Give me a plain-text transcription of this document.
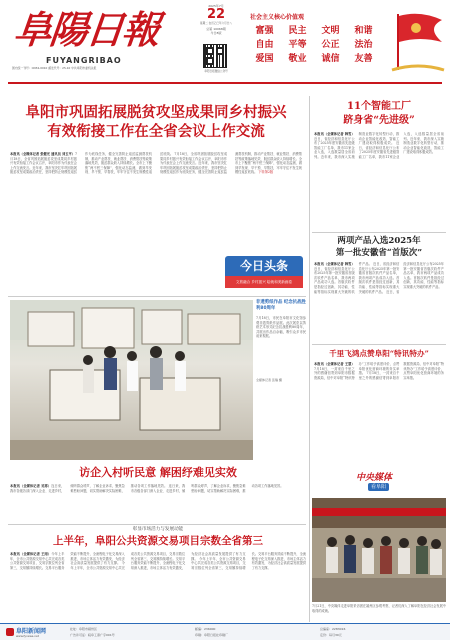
阜陽日報
FUYANGRIBAO
国内统一刊号：CN34-0010 邮发代号：25-10 中共阜阳市委机关报
2025年7月
22
星期二 农历乙巳年六月廿八
总第 10068期
今日8版
阜阳日报微信公众号
社会主义核心价值观
富强	民主	文明	和谐
自由	平等	公正	法治
爱国	敬业	诚信	友善
阜阳市巩固拓展脱贫攻坚成果同乡村振兴
有效衔接工作在全省会议上作交流
本报讯（全媒体记者 张健光 通讯员 刘玉平）7月18日，全省巩固拓展脱贫攻坚成果同乡村振兴有效衔接工作会议召开，阜阳市作为代表在会上作交流发言。近年来，我市坚决扛牢巩固拓展脱贫攻坚成果政治责任，坚持把防止规模性返贫作为底线任务，健全完善防止返贫监测帮扶机制，推动产业帮扶、就业帮扶、消费帮扶等政策落地见效，脱贫群众收入持续增长。全市上下聚焦“两不愁三保障”，强化动态监测，做到早发现、早干预、早帮扶，牢牢守住不发生规模性返贫底线。 7月18日，全省巩固拓展脱贫攻坚成果同乡村振兴有效衔接工作会议召开，阜阳市作为代表在会上作交流发言。近年来，我市坚决扛牢巩固拓展脱贫攻坚成果政治责任，坚持把防止规模性返贫作为底线任务，健全完善防止返贫监测帮扶机制，推动产业帮扶、就业帮扶、消费帮扶等政策落地见效，脱贫群众收入持续增长。全市上下聚焦“两不愁三保障”，强化动态监测，做到早发现、早干预、早帮扶，牢牢守住不发生规模性返贫底线。 下转第2版
今日头条
文旅融合 乡村振兴 绘就和美新画卷
非遗剪纸作品 纪念抗战胜利80周年
7月18日，市民在阜阳市文化馆参观非遗剪纸作品展。此次展览以剪纸艺术形式纪念抗战胜利80周年，共展出作品百余幅，吸引众多市民前来观展。
全媒体记者 张瑞 摄
访企入村听民意 解困纾难见实效
本报讯（全媒体记者 吴寒）连日来，我市各级各部门深入企业、走进乡村，倾听群众呼声，了解企业诉求，聚焦急难愁盼问题，切实帮助解决实际困难，推动各项工作落地见效。 连日来，我市各级各部门深入企业、走进乡村，倾听群众呼声，了解企业诉求，聚焦急难愁盼问题，切实帮助解决实际困难，推动各项工作落地见效。
彰显市场活力与发展动能
上半年，阜阳公共资源交易项目宗数全省第三
本报讯（全媒体记者 王雨）今年上半年，全市公共资源交易中心共完成各类公共资源交易项目，交易宗数位列全省第三，交易额持续增长。交易平台服务效能不断提升，全流程电子化交易深入推进，市场主体活力有效激发，为经济社会高质量发展提供了有力支撑。 今年上半年，全市公共资源交易中心共完成各类公共资源交易项目，交易宗数位列全省第三，交易额持续增长。交易平台服务效能不断提升，全流程电子化交易深入推进，市场主体活力有效激发，为经济社会高质量发展提供了有力支撑。 今年上半年，全市公共资源交易中心共完成各类公共资源交易项目，交易宗数位列全省第三，交易额持续增长。交易平台服务效能不断提升，全流程电子化交易深入推进，市场主体活力有效激发，为经济社会高质量发展提供了有力支撑。
11个智能工厂
跻身省“先进级”
本报讯（全媒体记者 韩雪）近日，省经济和信息化厅公布了2025年度安徽省先进级智能工厂名单，我市11家企业入选，入选数量居全省前列。近年来，我市深入实施制造业数字化转型行动，推动企业智能化改造，智能工厂建设取得积极成效。 近日，省经济和信息化厅公布了2025年度安徽省先进级智能工厂名单，我市11家企业入选，入选数量居全省前列。近年来，我市深入实施制造业数字化转型行动，推动企业智能化改造，智能工厂建设取得积极成效。
两项产品入选2025年
第一批安徽省“首版次”
本报讯（全媒体记者 韩雪）近日，省经济和信息化厅公布2025年第一批安徽省首版次软件产品名单，我市两项产品成功入选。首版次软件是指经过创新，其功能、性能等指标实现重大突破的软件产品。 近日，省经济和信息化厅公布2025年第一批安徽省首版次软件产品名单，我市两项产品成功入选。首版次软件是指经过创新，其功能、性能等指标实现重大突破的软件产品。 近日，省经济和信息化厅公布2025年第一批安徽省首版次软件产品名单，我市两项产品成功入选。首版次软件是指经过创新，其功能、性能等指标实现重大突破的软件产品。
千里飞鸿点赞阜阳“特讯特办”
本报讯（全媒体记者 王慧）7月18日，一封来自千里之外的感谢信寄到阜阳市数据资源局，信中对阜阳“特讯特办”工作给予高度评价，点赞阜阳优化营商环境的务实举措。 7月18日，一封来自千里之外的感谢信寄到阜阳市数据资源局，信中对阜阳“特讯特办”工作给予高度评价，点赞阜阳优化营商环境的务实举措。
中央媒体
看阜阳
7月21日，中央媒体走进阜阳采访团在颍州区参观考察，记者们深入了解阜阳在经济社会发展中取得的成就。
阜阳新闻网
www.fynews.net
社址：阜阳市颍州区	邮编：236000	总编室：2283016
广告许可证：皖阜工商广字001号	印刷：阜阳日报社印刷厂	定价：每月30元
